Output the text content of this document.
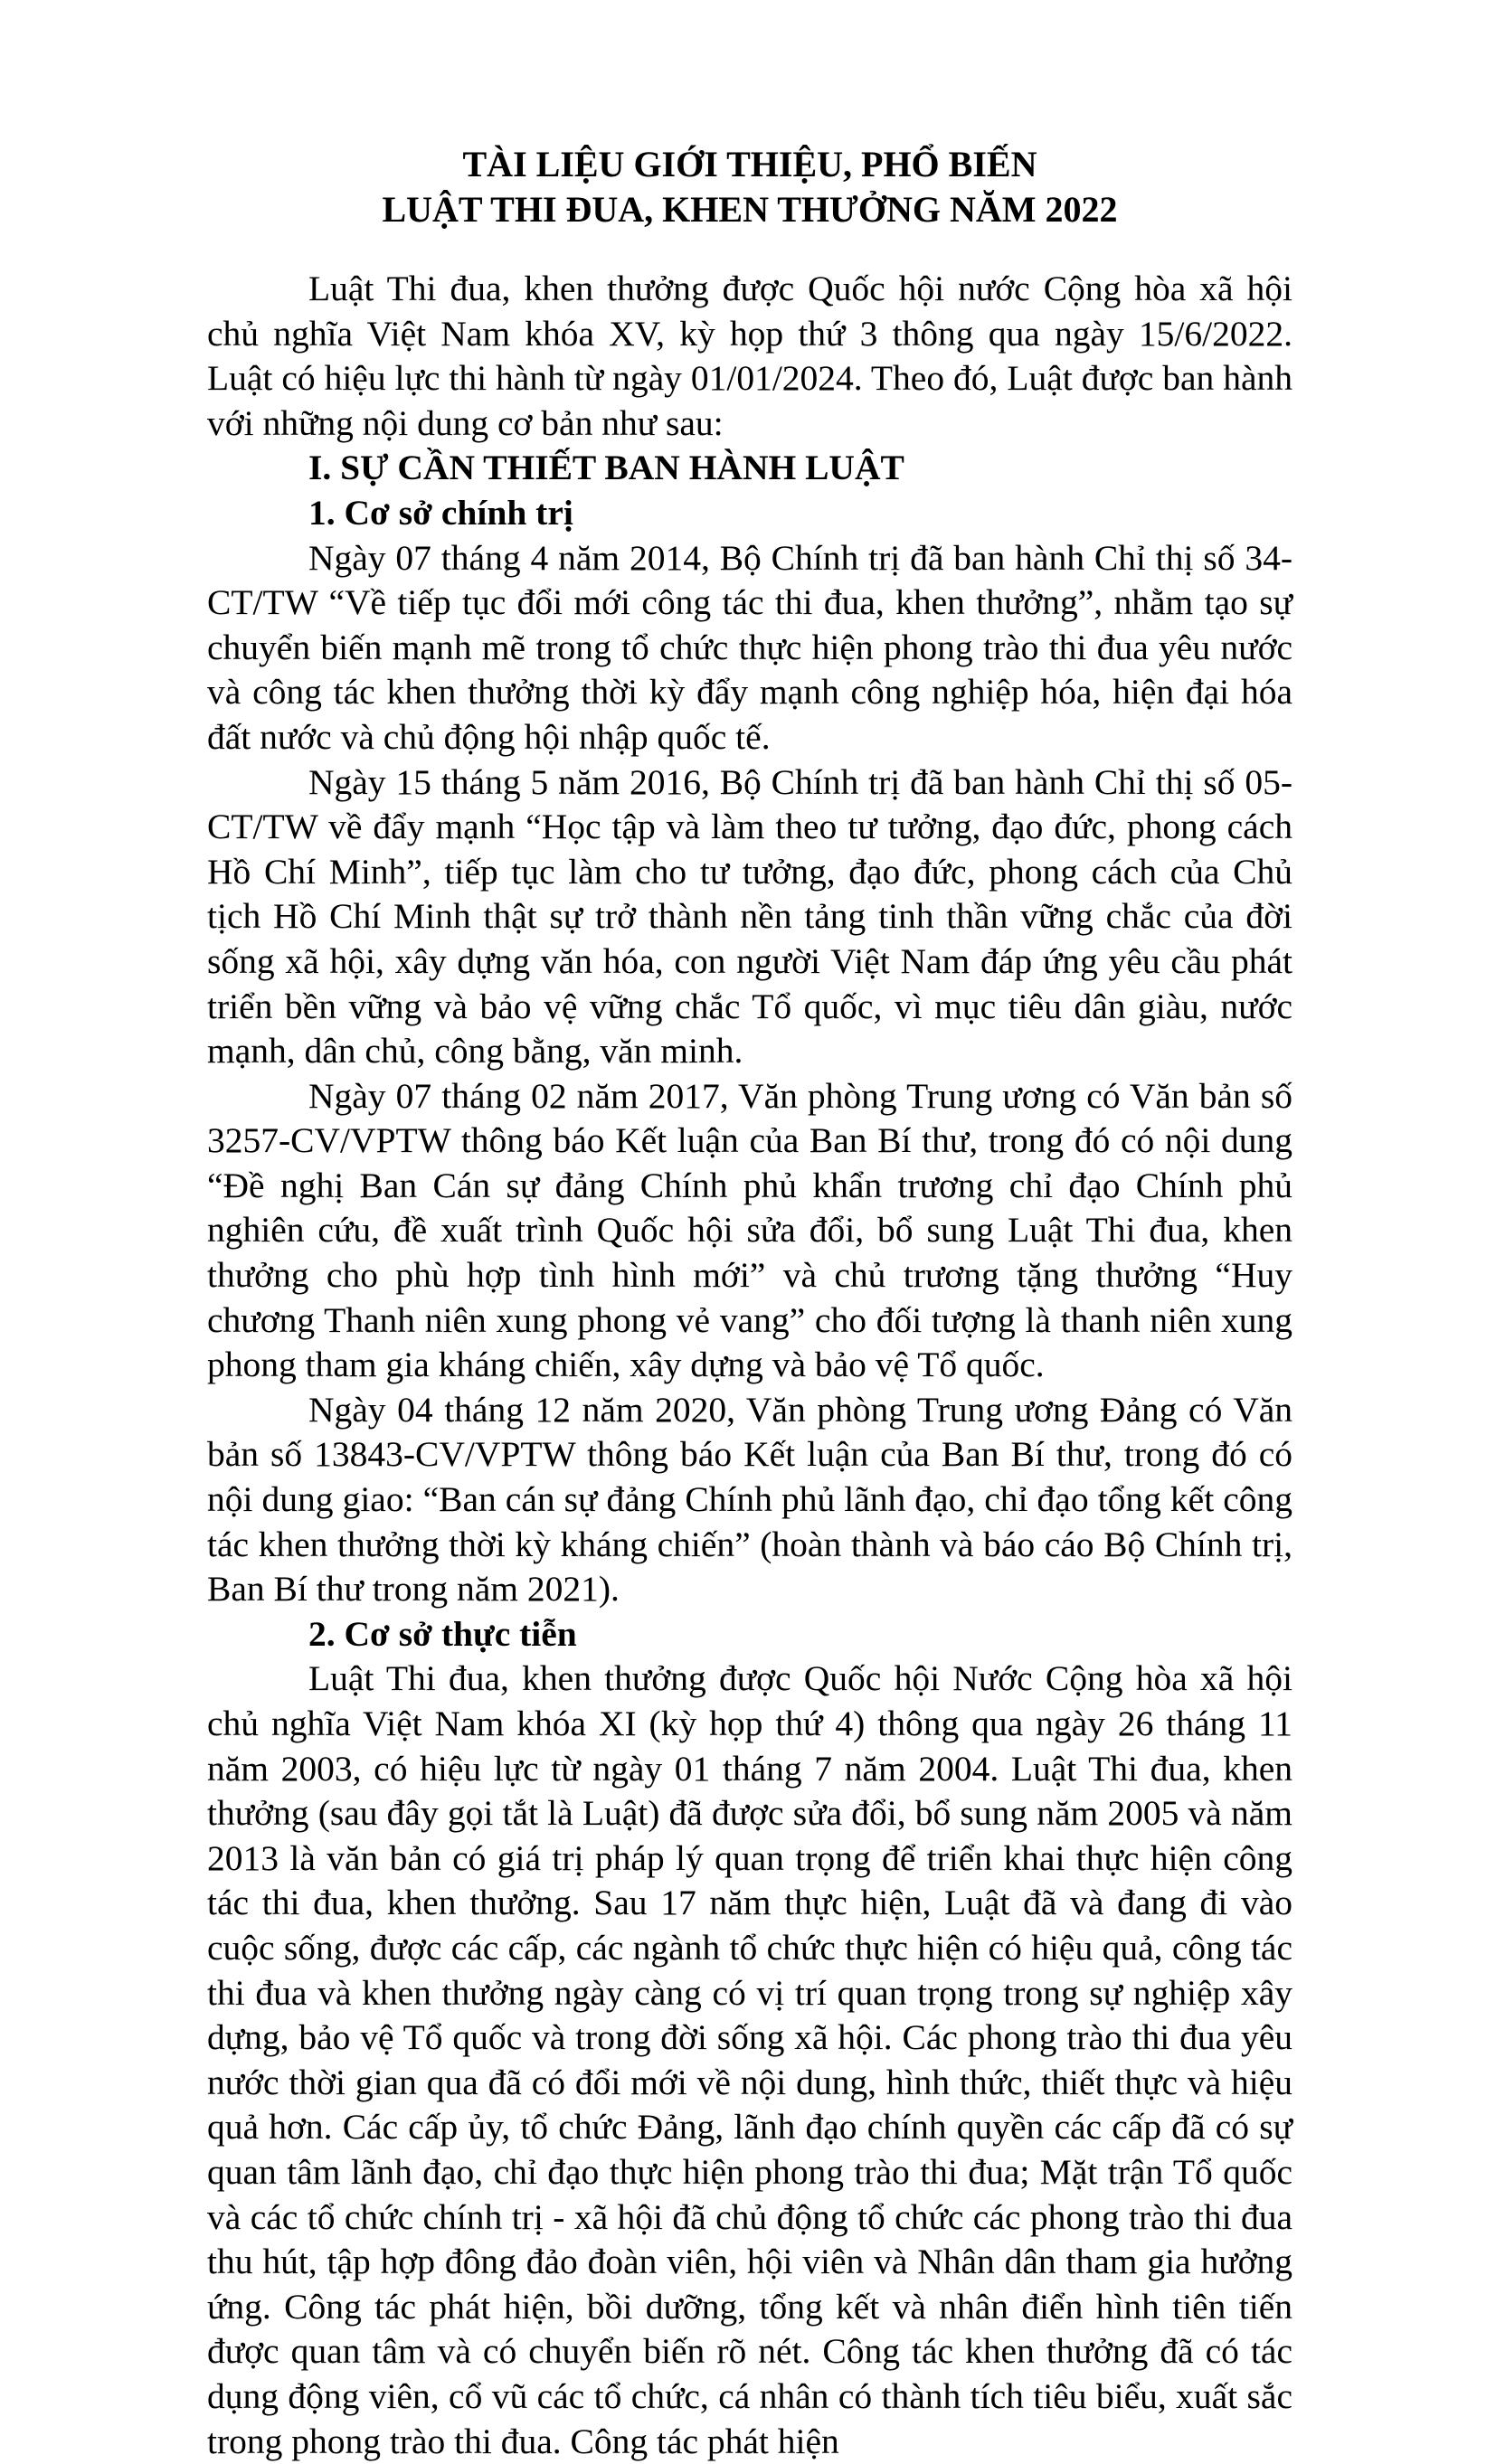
TÀI LIỆU GIỚI THIỆU, PHỔ BIẾN
LUẬT THI ĐUA, KHEN THƯỞNG NĂM 2022

Luật Thi đua, khen thưởng được Quốc hội nước Cộng hòa xã hội chủ nghĩa Việt Nam khóa XV, kỳ họp thứ 3 thông qua ngày 15/6/2022. Luật có hiệu lực thi hành từ ngày 01/01/2024. Theo đó, Luật được ban hành với những nội dung cơ bản như sau:

I. SỰ CẦN THIẾT BAN HÀNH LUẬT

1. Cơ sở chính trị

Ngày 07 tháng 4 năm 2014, Bộ Chính trị đã ban hành Chỉ thị số 34-CT/TW “Về tiếp tục đổi mới công tác thi đua, khen thưởng”, nhằm tạo sự chuyển biến mạnh mẽ trong tổ chức thực hiện phong trào thi đua yêu nước và công tác khen thưởng thời kỳ đẩy mạnh công nghiệp hóa, hiện đại hóa đất nước và chủ động hội nhập quốc tế.

Ngày 15 tháng 5 năm 2016, Bộ Chính trị đã ban hành Chỉ thị số 05-CT/TW về đẩy mạnh “Học tập và làm theo tư tưởng, đạo đức, phong cách Hồ Chí Minh”, tiếp tục làm cho tư tưởng, đạo đức, phong cách của Chủ tịch Hồ Chí Minh thật sự trở thành nền tảng tinh thần vững chắc của đời sống xã hội, xây dựng văn hóa, con người Việt Nam đáp ứng yêu cầu phát triển bền vững và bảo vệ vững chắc Tổ quốc, vì mục tiêu dân giàu, nước mạnh, dân chủ, công bằng, văn minh.

Ngày 07 tháng 02 năm 2017, Văn phòng Trung ương có Văn bản số 3257-CV/VPTW thông báo Kết luận của Ban Bí thư, trong đó có nội dung “Đề nghị Ban Cán sự đảng Chính phủ khẩn trương chỉ đạo Chính phủ nghiên cứu, đề xuất trình Quốc hội sửa đổi, bổ sung Luật Thi đua, khen thưởng cho phù hợp tình hình mới” và chủ trương tặng thưởng “Huy chương Thanh niên xung phong vẻ vang” cho đối tượng là thanh niên xung phong tham gia kháng chiến, xây dựng và bảo vệ Tổ quốc.

Ngày 04 tháng 12 năm 2020, Văn phòng Trung ương Đảng có Văn bản số 13843-CV/VPTW thông báo Kết luận của Ban Bí thư, trong đó có nội dung giao: “Ban cán sự đảng Chính phủ lãnh đạo, chỉ đạo tổng kết công tác khen thưởng thời kỳ kháng chiến” (hoàn thành và báo cáo Bộ Chính trị, Ban Bí thư trong năm 2021).

2. Cơ sở thực tiễn

Luật Thi đua, khen thưởng được Quốc hội Nước Cộng hòa xã hội chủ nghĩa Việt Nam khóa XI (kỳ họp thứ 4) thông qua ngày 26 tháng 11 năm 2003, có hiệu lực từ ngày 01 tháng 7 năm 2004. Luật Thi đua, khen thưởng (sau đây gọi tắt là Luật) đã được sửa đổi, bổ sung năm 2005 và năm 2013 là văn bản có giá trị pháp lý quan trọng để triển khai thực hiện công tác thi đua, khen thưởng. Sau 17 năm thực hiện, Luật đã và đang đi vào cuộc sống, được các cấp, các ngành tổ chức thực hiện có hiệu quả, công tác thi đua và khen thưởng ngày càng có vị trí quan trọng trong sự nghiệp xây dựng, bảo vệ Tổ quốc và trong đời sống xã hội. Các phong trào thi đua yêu nước thời gian qua đã có đổi mới về nội dung, hình thức, thiết thực và hiệu quả hơn. Các cấp ủy, tổ chức Đảng, lãnh đạo chính quyền các cấp đã có sự quan tâm lãnh đạo, chỉ đạo thực hiện phong trào thi đua; Mặt trận Tổ quốc và các tổ chức chính trị - xã hội đã chủ động tổ chức các phong trào thi đua thu hút, tập hợp đông đảo đoàn viên, hội viên và Nhân dân tham gia hưởng ứng. Công tác phát hiện, bồi dưỡng, tổng kết và nhân điển hình tiên tiến được quan tâm và có chuyển biến rõ nét. Công tác khen thưởng đã có tác dụng động viên, cổ vũ các tổ chức, cá nhân có thành tích tiêu biểu, xuất sắc trong phong trào thi đua. Công tác phát hiện
